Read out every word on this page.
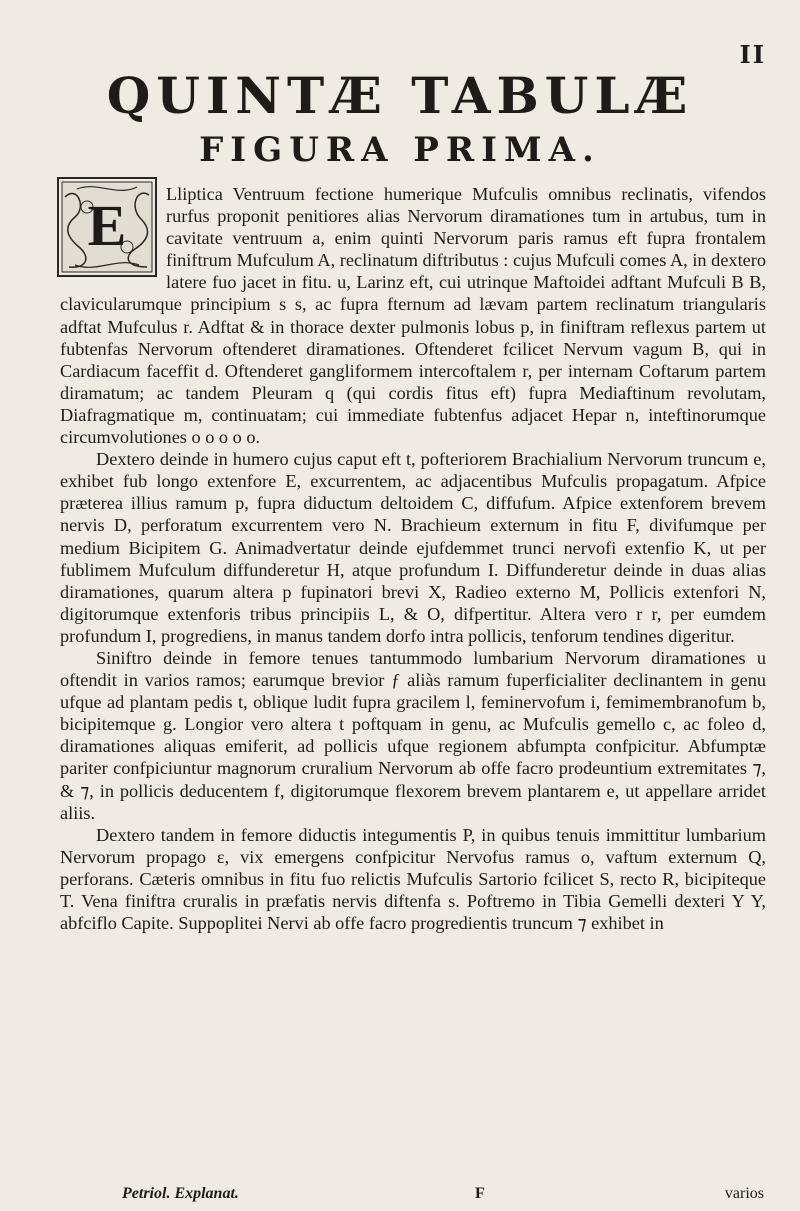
II
QUINTÆ TABULÆ
FIGURA PRIMA.
E	Lliptica Ventruum fectione humerique Mufculis omnibus reclinatis, vifendos rurfus proponit penitiores alias Nervorum diramationes tum in artubus, tum in cavitate ventruum a, enim quinti Nervorum paris ramus eft fupra frontalem finiftrum Mufculum A, reclinatum diftributus : cujus Mufculi comes A, in dextero latere fuo jacet in fitu. u, Larinz eft, cui utrinque Maftoidei adftant Mufculi B B, clavicularumque principium s s, ac fupra fternum ad lævam partem reclinatum triangularis adftat Mufculus r. Adftat & in thorace dexter pulmonis lobus p, in finiftram reflexus partem ut fubtenfas Nervorum oftenderet diramationes. Oftenderet fcilicet Nervum vagum B, qui in Cardiacum faceffit d. Oftenderet gangliformem intercoftalem r, per internam Coftarum partem diramatum; ac tandem Pleuram q (qui cordis fitus eft) fupra Mediaftinum revolutam, Diafragmatique m, continuatam; cui immediate fubtenfus adjacet Hepar n, inteftinorumque circumvolutiones o o o o o.

Dextero deinde in humero cujus caput eft t, pofteriorem Brachialium Nervorum truncum e, exhibet fub longo extenfore E, excurrentem, ac adjacentibus Mufculis propagatum. Afpice præterea illius ramum p, fupra diductum deltoidem C, diffufum. Afpice extenforem brevem nervis D, perforatum excurrentem vero N. Brachieum externum in fitu F, divifumque per medium Bicipitem G. Animadvertatur deinde ejufdemmet trunci nervofi extenfio K, ut per fublimem Mufculum diffunderetur H, atque profundum I. Diffunderetur deinde in duas alias diramationes, quarum altera p fupinatori brevi X, Radieo externo M, Pollicis extenfori N, digitorumque extenforis tribus principiis L, & O, difpertitur. Altera vero r r, per eumdem profundum I, progrediens, in manus tandem dorfo intra pollicis, tenforum tendines digeritur.

Siniftro deinde in femore tenues tantummodo lumbarium Nervorum diramationes u oftendit in varios ramos; earumque brevior ƒ aliàs ramum fuperficialiter declinantem in genu ufque ad plantam pedis t, oblique ludit fupra gracilem l, feminervofum i, femimembranofum b, bicipitemque g. Longior vero altera t poftquam in genu, ac Mufculis gemello c, ac foleo d, diramationes aliquas emiferit, ad pollicis ufque regionem abfumpta confpicitur. Abfumptæ pariter confpiciuntur magnorum cruralium Nervorum ab offe facro prodeuntium extremitates ⁊, & ⁊, in pollicis deducentem f, digitorumque flexorem brevem plantarem e, ut appellare arridet aliis.

Dextero tandem in femore diductis integumentis P, in quibus tenuis immittitur lumbarium Nervorum propago ε, vix emergens confpicitur Nervofus ramus o, vaftum externum Q, perforans. Cæteris omnibus in fitu fuo relictis Mufculis Sartorio fcilicet S, recto R, bicipiteque T. Vena finiftra cruralis in præfatis nervis diftenfa s. Poftremo in Tibia Gemelli dexteri Y Y, abfciflo Capite. Suppoplitei Nervi ab offe facro progredientis truncum ⁊ exhibet in

Petriol. Explanat.	F	varios
